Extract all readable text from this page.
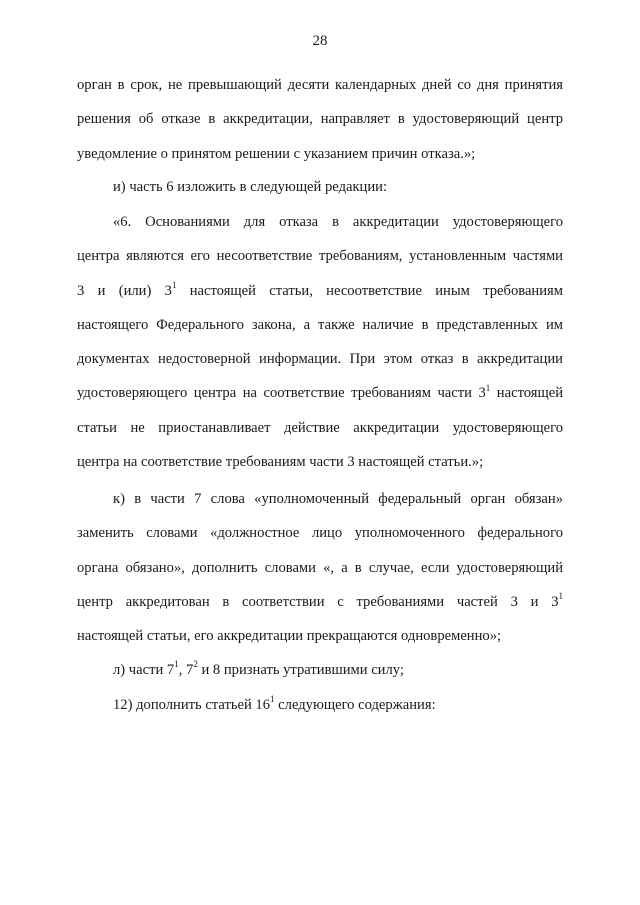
28
орган в срок, не превышающий десяти календарных дней со дня принятия
решения об отказе в аккредитации, направляет в удостоверяющий центр
уведомление о принятом решении с указанием причин отказа.»;
и) часть 6 изложить в следующей редакции:
«6. Основаниями для отказа в аккредитации удостоверяющего
центра являются его несоответствие требованиям, установленным частями
3 и (или) $3^1$ настоящей статьи, несоответствие иным требованиям
настоящего Федерального закона, а также наличие в представленных им
документах недостоверной информации. При этом отказ в аккредитации
удостоверяющего центра на соответствие требованиям части $3^1$ настоящей
статьи не приостанавливает действие аккредитации удостоверяющего
центра на соответствие требованиям части 3 настоящей статьи.»;
к) в части 7 слова «уполномоченный федеральный орган обязан»
заменить словами «должностное лицо уполномоченного федерального
органа обязано», дополнить словами «, а в случае, если удостоверяющий
центр аккредитован в соответствии с требованиями частей 3 и $3^1$
настоящей статьи, его аккредитации прекращаются одновременно»;
л) части $7^1$, $7^2$ и 8 признать утратившими силу;
12) дополнить статьей $16^1$ следующего содержания:
